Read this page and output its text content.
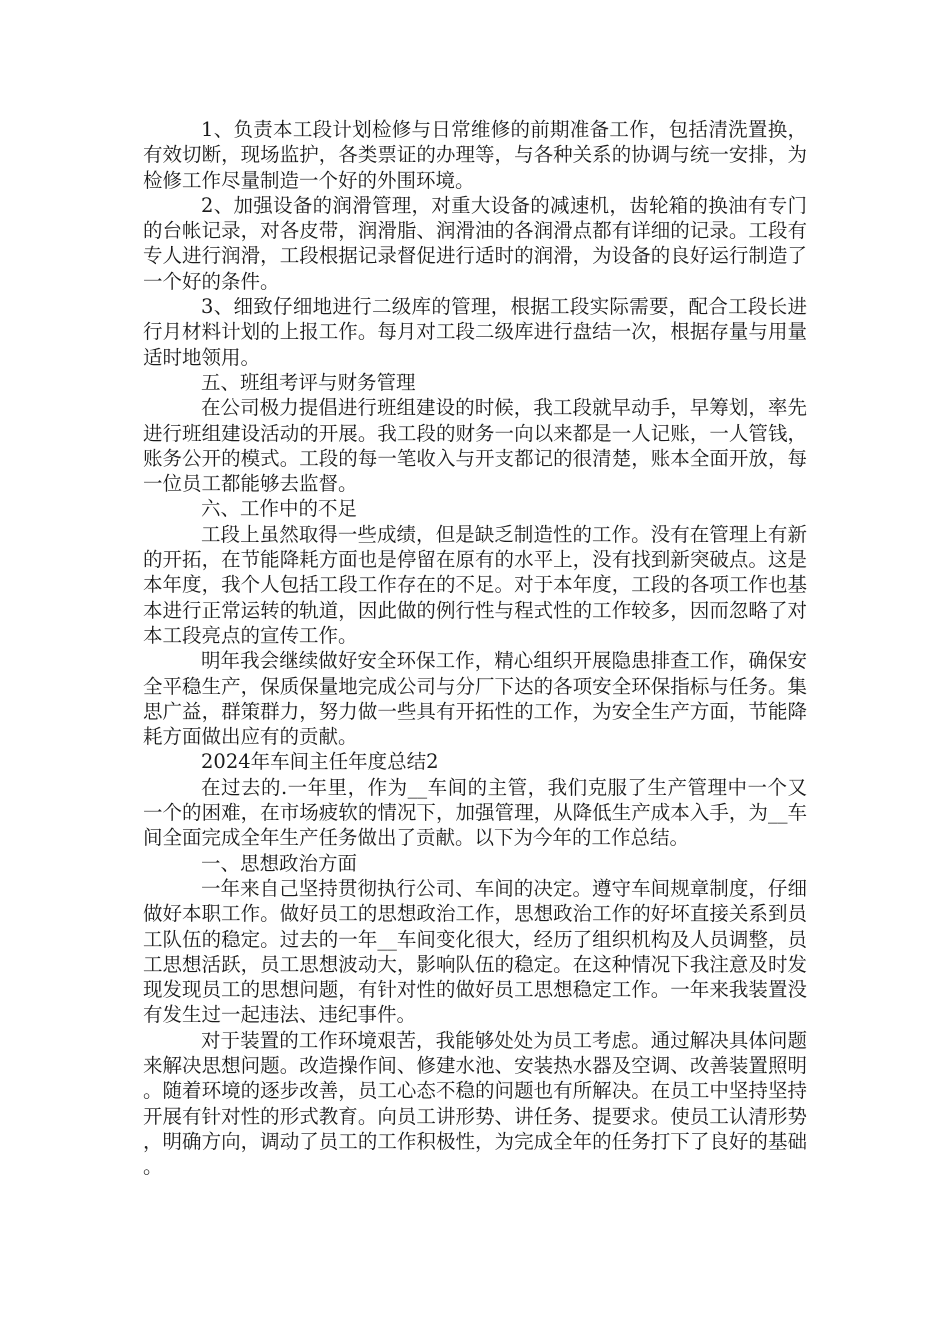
1、负责本工段计划检修与日常维修的前期准备工作，包括清洗置换，有效切断，现场监护，各类票证的办理等，与各种关系的协调与统一安排，为检修工作尽量制造一个好的外围环境。

2、加强设备的润滑管理，对重大设备的减速机，齿轮箱的换油有专门的台帐记录，对各皮带，润滑脂、润滑油的各润滑点都有详细的记录。工段有专人进行润滑，工段根据记录督促进行适时的润滑，为设备的良好运行制造了一个好的条件。

3、细致仔细地进行二级库的管理，根据工段实际需要，配合工段长进行月材料计划的上报工作。每月对工段二级库进行盘结一次，根据存量与用量适时地领用。

五、班组考评与财务管理

在公司极力提倡进行班组建设的时候，我工段就早动手，早筹划，率先进行班组建设活动的开展。我工段的财务一向以来都是一人记账，一人管钱，账务公开的模式。工段的每一笔收入与开支都记的很清楚，账本全面开放，每一位员工都能够去监督。

六、工作中的不足

工段上虽然取得一些成绩，但是缺乏制造性的工作。没有在管理上有新的开拓，在节能降耗方面也是停留在原有的水平上，没有找到新突破点。这是本年度，我个人包括工段工作存在的不足。对于本年度，工段的各项工作也基本进行正常运转的轨道，因此做的例行性与程式性的工作较多，因而忽略了对本工段亮点的宣传工作。

明年我会继续做好安全环保工作，精心组织开展隐患排查工作，确保安全平稳生产，保质保量地完成公司与分厂下达的各项安全环保指标与任务。集思广益，群策群力，努力做一些具有开拓性的工作，为安全生产方面，节能降耗方面做出应有的贡献。

2024年车间主任年度总结2

在过去的.一年里，作为__车间的主管，我们克服了生产管理中一个又一个的困难，在市场疲软的情况下，加强管理，从降低生产成本入手，为__车间全面完成全年生产任务做出了贡献。以下为今年的工作总结。

一、思想政治方面

一年来自己坚持贯彻执行公司、车间的决定。遵守车间规章制度，仔细做好本职工作。做好员工的思想政治工作，思想政治工作的好坏直接关系到员工队伍的稳定。过去的一年__车间变化很大，经历了组织机构及人员调整，员工思想活跃，员工思想波动大，影响队伍的稳定。在这种情况下我注意及时发现发现员工的思想问题，有针对性的做好员工思想稳定工作。一年来我装置没有发生过一起违法、违纪事件。

对于装置的工作环境艰苦，我能够处处为员工考虑。通过解决具体问题来解决思想问题。改造操作间、修建水池、安装热水器及空调、改善装置照明。随着环境的逐步改善，员工心态不稳的问题也有所解决。在员工中坚持坚持开展有针对性的形式教育。向员工讲形势、讲任务、提要求。使员工认清形势，明确方向，调动了员工的工作积极性，为完成全年的任务打下了良好的基础。
